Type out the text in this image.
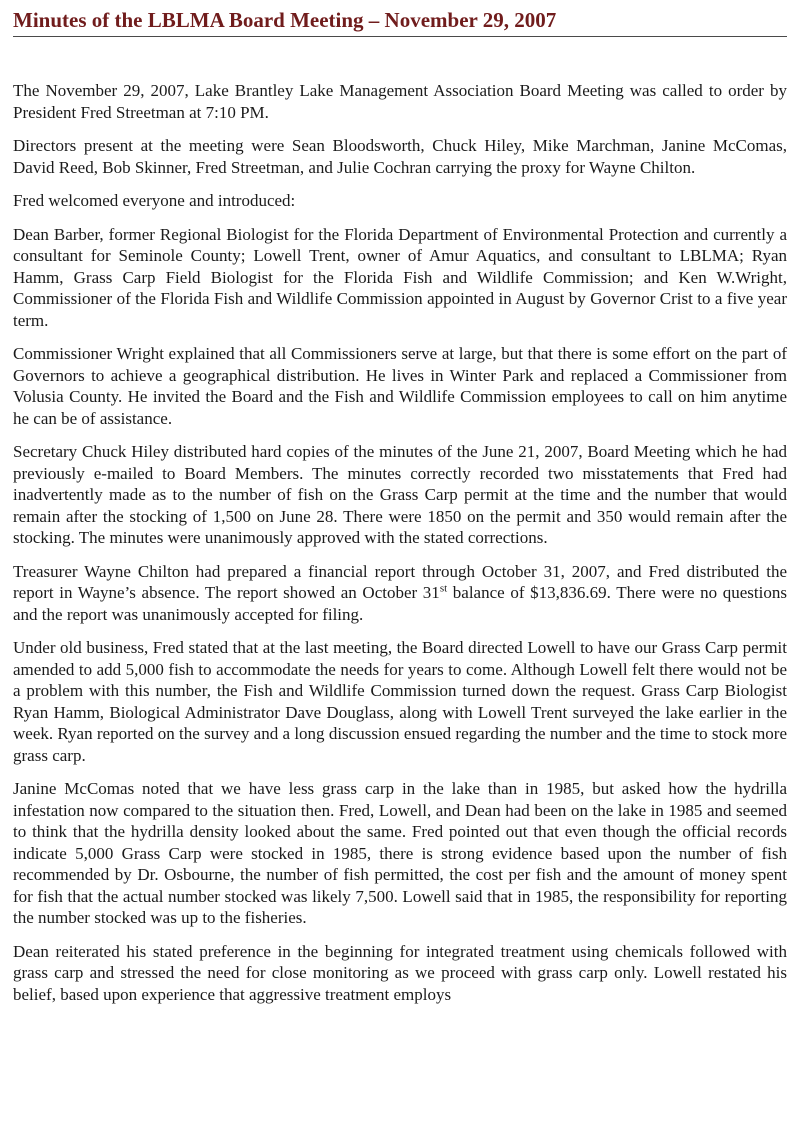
Minutes of the LBLMA Board Meeting – November 29, 2007

The November 29, 2007, Lake Brantley Lake Management Association Board Meeting was called to order by President Fred Streetman at 7:10 PM.

Directors present at the meeting were Sean Bloodsworth, Chuck Hiley, Mike Marchman, Janine McComas, David Reed, Bob Skinner, Fred Streetman, and Julie Cochran carrying the proxy for Wayne Chilton.

Fred welcomed everyone and introduced:

Dean Barber, former Regional Biologist for the Florida Department of Environmental Protection and currently a consultant for Seminole County; Lowell Trent, owner of Amur Aquatics, and consultant to LBLMA; Ryan Hamm, Grass Carp Field Biologist for the Florida Fish and Wildlife Commission; and Ken W.Wright, Commissioner of the Florida Fish and Wildlife Commission appointed in August by Governor Crist to a five year term.

Commissioner Wright explained that all Commissioners serve at large, but that there is some effort on the part of Governors to achieve a geographical distribution. He lives in Winter Park and replaced a Commissioner from Volusia County. He invited the Board and the Fish and Wildlife Commission employees to call on him anytime he can be of assistance.

Secretary Chuck Hiley distributed hard copies of the minutes of the June 21, 2007, Board Meeting which he had previously e-mailed to Board Members. The minutes correctly recorded two misstatements that Fred had inadvertently made as to the number of fish on the Grass Carp permit at the time and the number that would remain after the stocking of 1,500 on June 28. There were 1850 on the permit and 350 would remain after the stocking. The minutes were unanimously approved with the stated corrections.

Treasurer Wayne Chilton had prepared a financial report through October 31, 2007, and Fred distributed the report in Wayne’s absence. The report showed an October 31st balance of $13,836.69. There were no questions and the report was unanimously accepted for filing.

Under old business, Fred stated that at the last meeting, the Board directed Lowell to have our Grass Carp permit amended to add 5,000 fish to accommodate the needs for years to come. Although Lowell felt there would not be a problem with this number, the Fish and Wildlife Commission turned down the request. Grass Carp Biologist Ryan Hamm, Biological Administrator Dave Douglass, along with Lowell Trent surveyed the lake earlier in the week. Ryan reported on the survey and a long discussion ensued regarding the number and the time to stock more grass carp.

Janine McComas noted that we have less grass carp in the lake than in 1985, but asked how the hydrilla infestation now compared to the situation then. Fred, Lowell, and Dean had been on the lake in 1985 and seemed to think that the hydrilla density looked about the same. Fred pointed out that even though the official records indicate 5,000 Grass Carp were stocked in 1985, there is strong evidence based upon the number of fish recommended by Dr. Osbourne, the number of fish permitted, the cost per fish and the amount of money spent for fish that the actual number stocked was likely 7,500. Lowell said that in 1985, the responsibility for reporting the number stocked was up to the fisheries.

Dean reiterated his stated preference in the beginning for integrated treatment using chemicals followed with grass carp and stressed the need for close monitoring as we proceed with grass carp only. Lowell restated his belief, based upon experience that aggressive treatment employs
